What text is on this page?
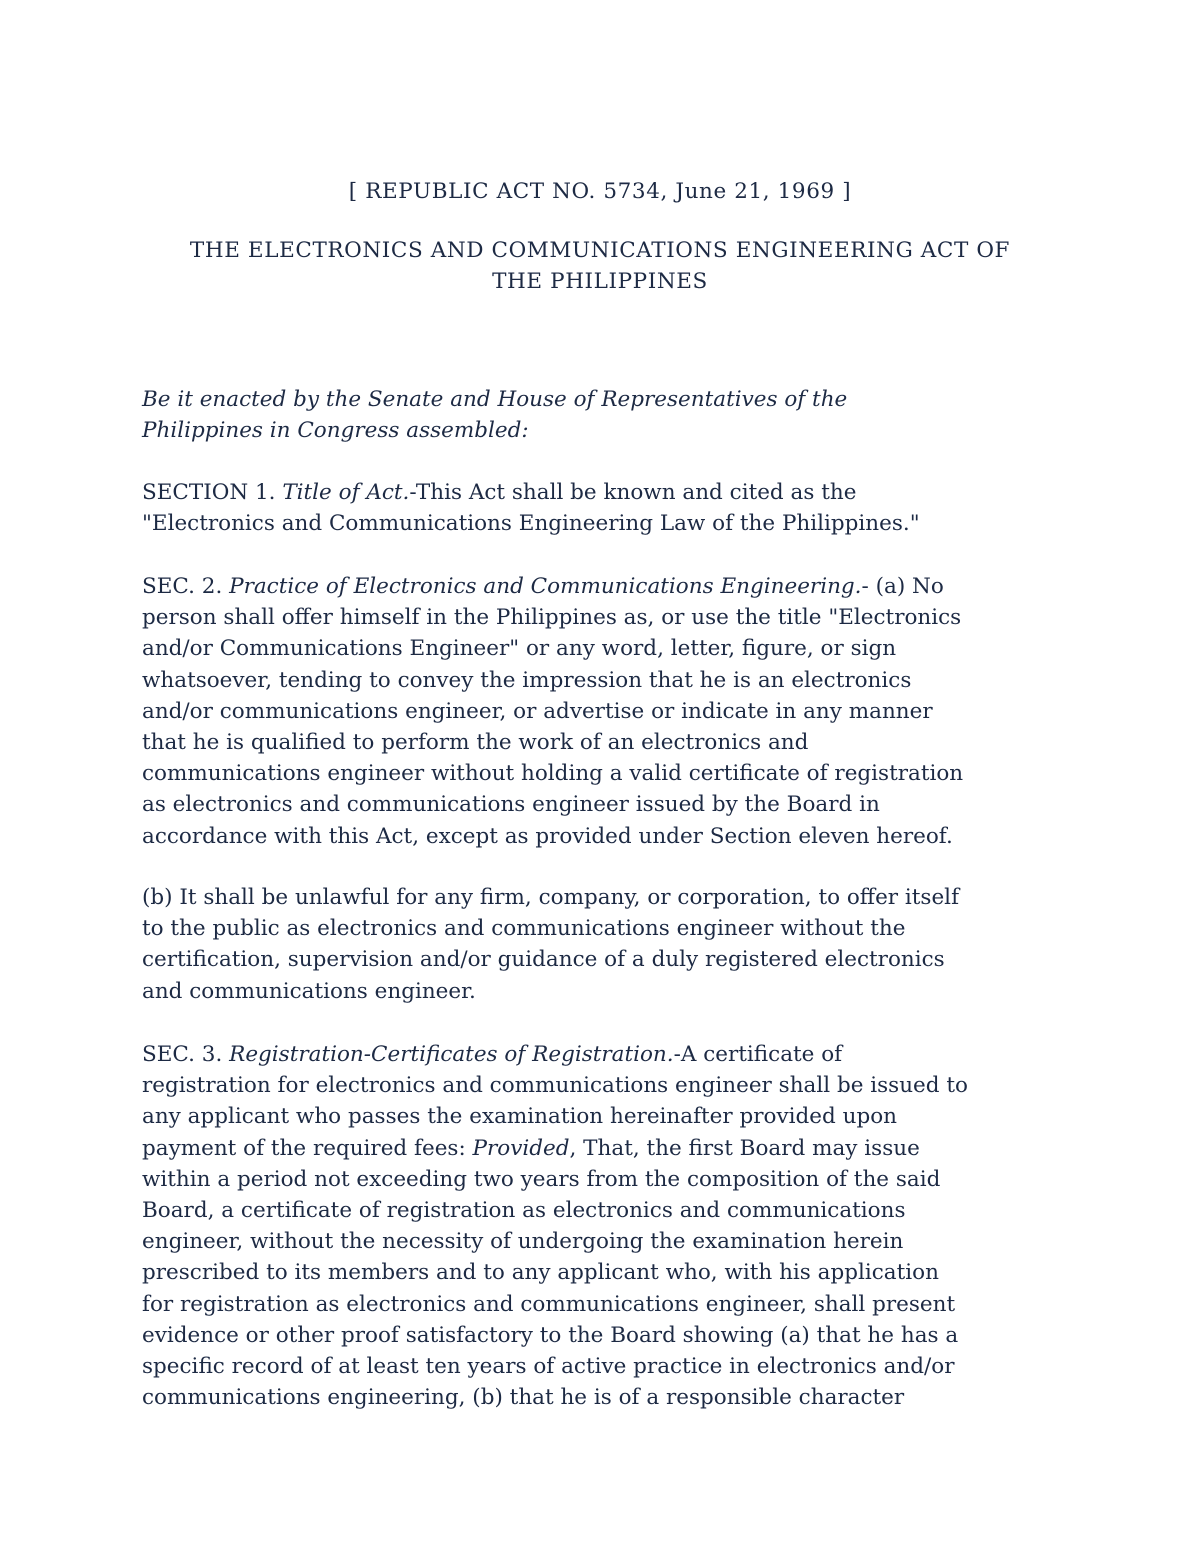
[ REPUBLIC ACT NO. 5734, June 21, 1969 ]
THE ELECTRONICS AND COMMUNICATIONS ENGINEERING ACT OF
THE PHILIPPINES
Be it enacted by the Senate and House of Representatives of the
Philippines in Congress assembled:
SECTION 1. Title of Act.-This Act shall be known and cited as the
"Electronics and Communications Engineering Law of the Philippines."
SEC. 2. Practice of Electronics and Communications Engineering.- (a) No
person shall offer himself in the Philippines as, or use the title "Electronics
and/or Communications Engineer" or any word, letter, figure, or sign
whatsoever, tending to convey the impression that he is an electronics
and/or communications engineer, or advertise or indicate in any manner
that he is qualified to perform the work of an electronics and
communications engineer without holding a valid certificate of registration
as electronics and communications engineer issued by the Board in
accordance with this Act, except as provided under Section eleven hereof.
(b) It shall be unlawful for any firm, company, or corporation, to offer itself
to the public as electronics and communications engineer without the
certification, supervision and/or guidance of a duly registered electronics
and communications engineer.
SEC. 3. Registration-Certificates of Registration.-A certificate of
registration for electronics and communications engineer shall be issued to
any applicant who passes the examination hereinafter provided upon
payment of the required fees: Provided, That, the first Board may issue
within a period not exceeding two years from the composition of the said
Board, a certificate of registration as electronics and communications
engineer, without the necessity of undergoing the examination herein
prescribed to its members and to any applicant who, with his application
for registration as electronics and communications engineer, shall present
evidence or other proof satisfactory to the Board showing (a) that he has a
specific record of at least ten years of active practice in electronics and/or
communications engineering, (b) that he is of a responsible character
